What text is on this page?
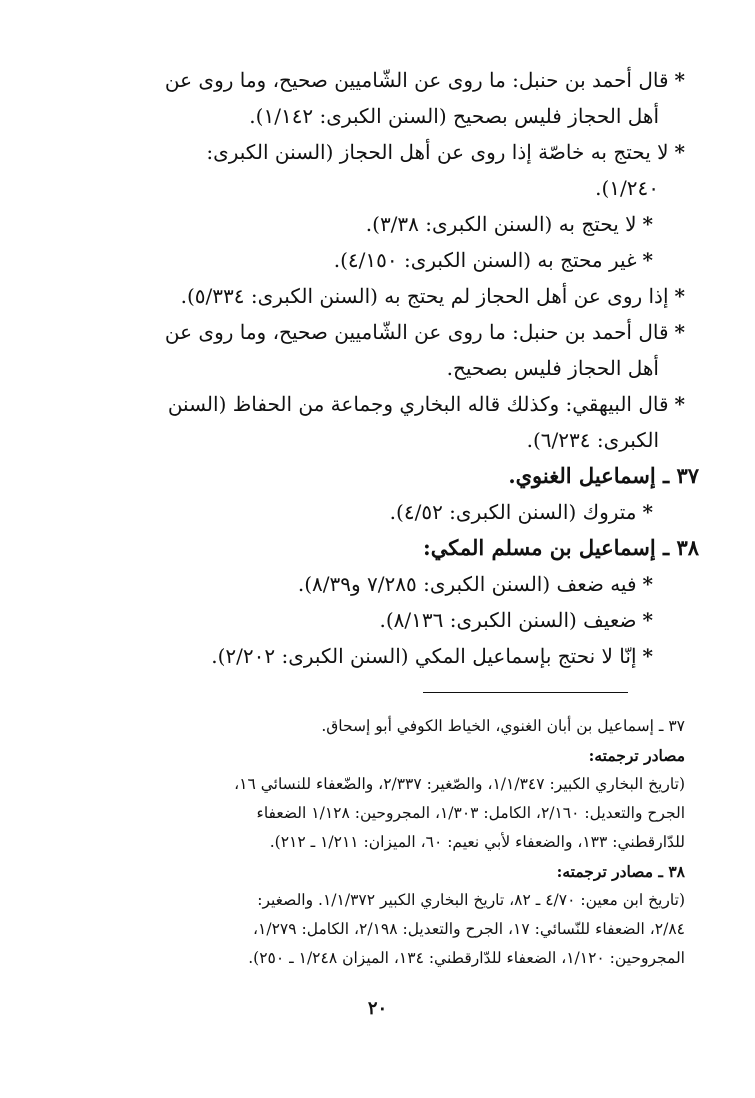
*قال أحمد بن حنبل: ما روى عن الشّاميين صحيح، وما روى عن
أهل الحجاز فليس بصحيح (السنن الكبرى: ١/١٤٢).

*لا يحتج به خاصّة إذا روى عن أهل الحجاز (السنن الكبرى:
١/٢٤٠).

*لا يحتج به (السنن الكبرى: ٣/٣٨).

*غير محتج به (السنن الكبرى: ٤/١٥٠).

*إذا روى عن أهل الحجاز لم يحتج به (السنن الكبرى: ٥/٣٣٤).

*قال أحمد بن حنبل: ما روى عن الشّاميين صحيح، وما روى عن
أهل الحجاز فليس بصحيح.

*قال البيهقي: وكذلك قاله البخاري وجماعة من الحفاظ (السنن
الكبرى: ٦/٢٣٤).

٣٧ ـ إسماعيل الغنوي.

*متروك (السنن الكبرى: ٤/٥٢).

٣٨ ـ إسماعيل بن مسلم المكي:

*فيه ضعف (السنن الكبرى: ٧/٢٨٥ و٨/٣٩).

*ضعيف (السنن الكبرى: ٨/١٣٦).

*إنّا لا نحتج بإسماعيل المكي (السنن الكبرى: ٢/٢٠٢).

٣٧ ـ إسماعيل بن أبان الغنوي، الخياط الكوفي أبو إسحاق.

مصادر ترجمته:

(تاريخ البخاري الكبير: ١/١/٣٤٧، والصّغير: ٢/٣٣٧، والضّعفاء للنسائي ١٦،

الجرح والتعديل: ٢/١٦٠، الكامل: ١/٣٠٣، المجروحين: ١/١٢٨ الضعفاء

للدّارقطني: ١٣٣، والضعفاء لأبي نعيم: ٦٠، الميزان: ١/٢١١ ـ ٢١٢).

٣٨ ـ مصادر ترجمته:

(تاريخ ابن معين: ٤/٧٠ ـ ٨٢، تاريخ البخاري الكبير ١/١/٣٧٢. والصغير:

٢/٨٤، الضعفاء للنّسائي: ١٧، الجرح والتعديل: ٢/١٩٨، الكامل: ١/٢٧٩،

المجروحين: ١/١٢٠، الضعفاء للدّارقطني: ١٣٤، الميزان ١/٢٤٨ ـ ٢٥٠).

٢٠
